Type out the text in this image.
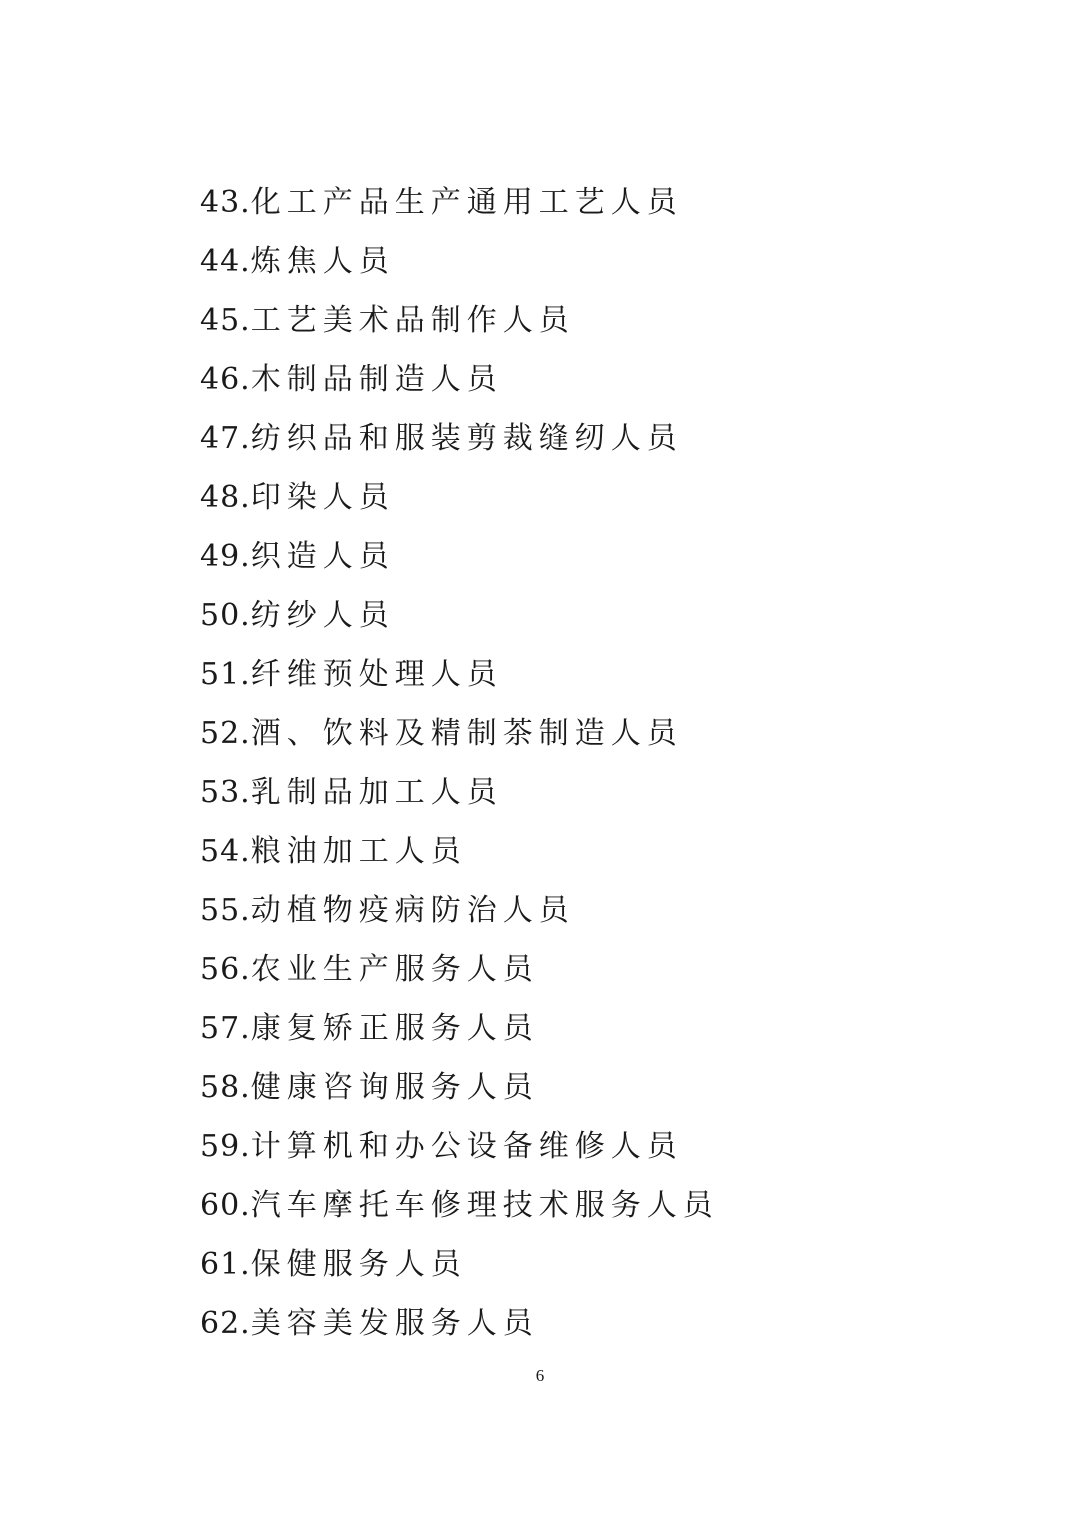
43.化工产品生产通用工艺人员
44.炼焦人员
45.工艺美术品制作人员
46.木制品制造人员
47.纺织品和服装剪裁缝纫人员
48.印染人员
49.织造人员
50.纺纱人员
51.纤维预处理人员
52.酒、饮料及精制茶制造人员
53.乳制品加工人员
54.粮油加工人员
55.动植物疫病防治人员
56.农业生产服务人员
57.康复矫正服务人员
58.健康咨询服务人员
59.计算机和办公设备维修人员
60.汽车摩托车修理技术服务人员
61.保健服务人员
62.美容美发服务人员
6
